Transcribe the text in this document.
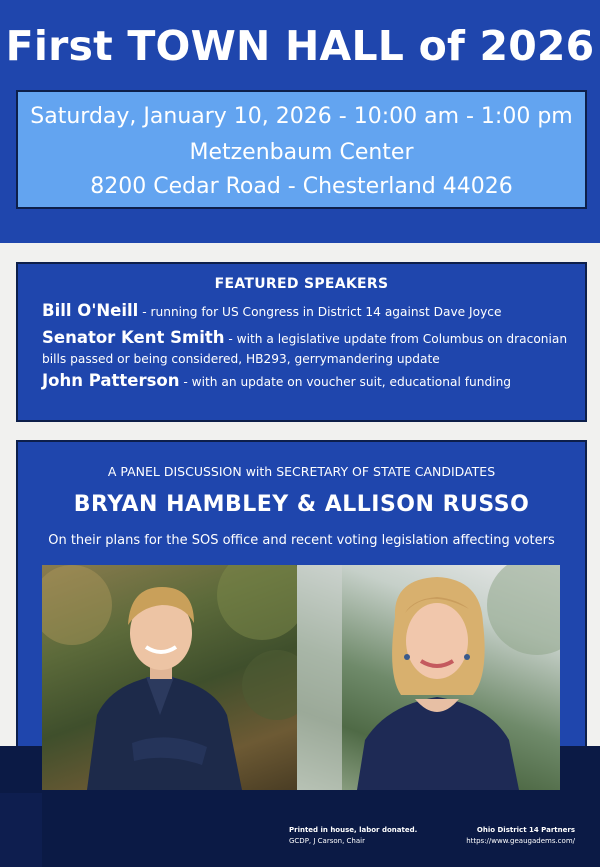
First TOWN HALL of 2026
Saturday, January 10, 2026 - 10:00 am - 1:00 pm
Metzenbaum Center
8200 Cedar Road - Chesterland 44026
FEATURED SPEAKERS
Bill O'Neill - running for US Congress in District 14 against Dave Joyce
Senator Kent Smith - with a legislative update from Columbus on draconian bills passed or being considered, HB293, gerrymandering update
John Patterson - with an update on voucher suit, educational funding
A PANEL DISCUSSION with SECRETARY OF STATE CANDIDATES
BRYAN HAMBLEY & ALLISON RUSSO
On their plans for the SOS office and recent voting legislation affecting voters
Printed in house, labor donated.
GCDP, J Carson, Chair
Ohio District 14 Partners
https://www.geaugadems.com/
